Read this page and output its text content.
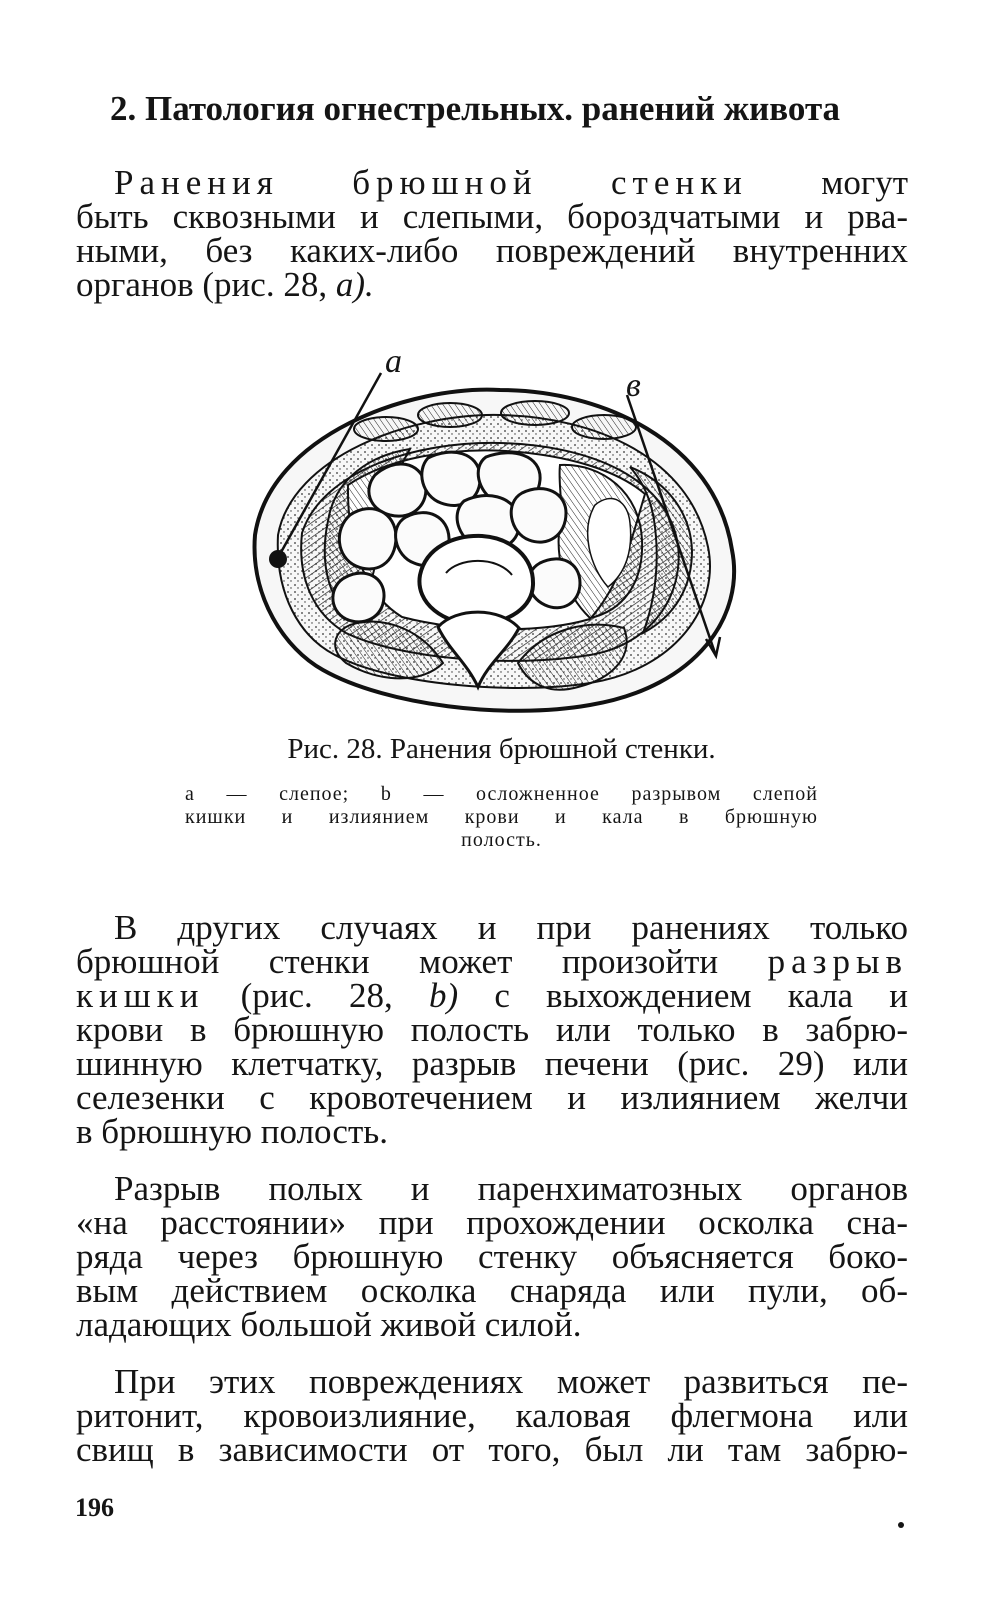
2. Патология огнестрельных. ранений живота
Ранения брюшной стенки могут
быть сквозными и слепыми, бороздчатыми и рва-
ными, без каких-либо повреждений внутренних
органов (рис. 28, а).
а
в
Рис. 28. Ранения брюшной стенки.
а — слепое; b — осложненное разрывом слепой
кишки и излиянием крови и кала в брюшную
полость.
В других случаях и при ранениях только
брюшной стенки может произойти разрыв
кишки (рис. 28, b) с выхождением кала и
крови в брюшную полость или только в забрю-
шинную клетчатку, разрыв печени (рис. 29) или
селезенки с кровотечением и излиянием желчи
в брюшную полость.
Разрыв полых и паренхиматозных органов
«на расстоянии» при прохождении осколка сна-
ряда через брюшную стенку объясняется боко-
вым действием осколка снаряда или пули, об-
ладающих большой живой силой.
При этих повреждениях может развиться пе-
ритонит, кровоизлияние, каловая флегмона или
свищ в зависимости от того, был ли там забрю-
196
